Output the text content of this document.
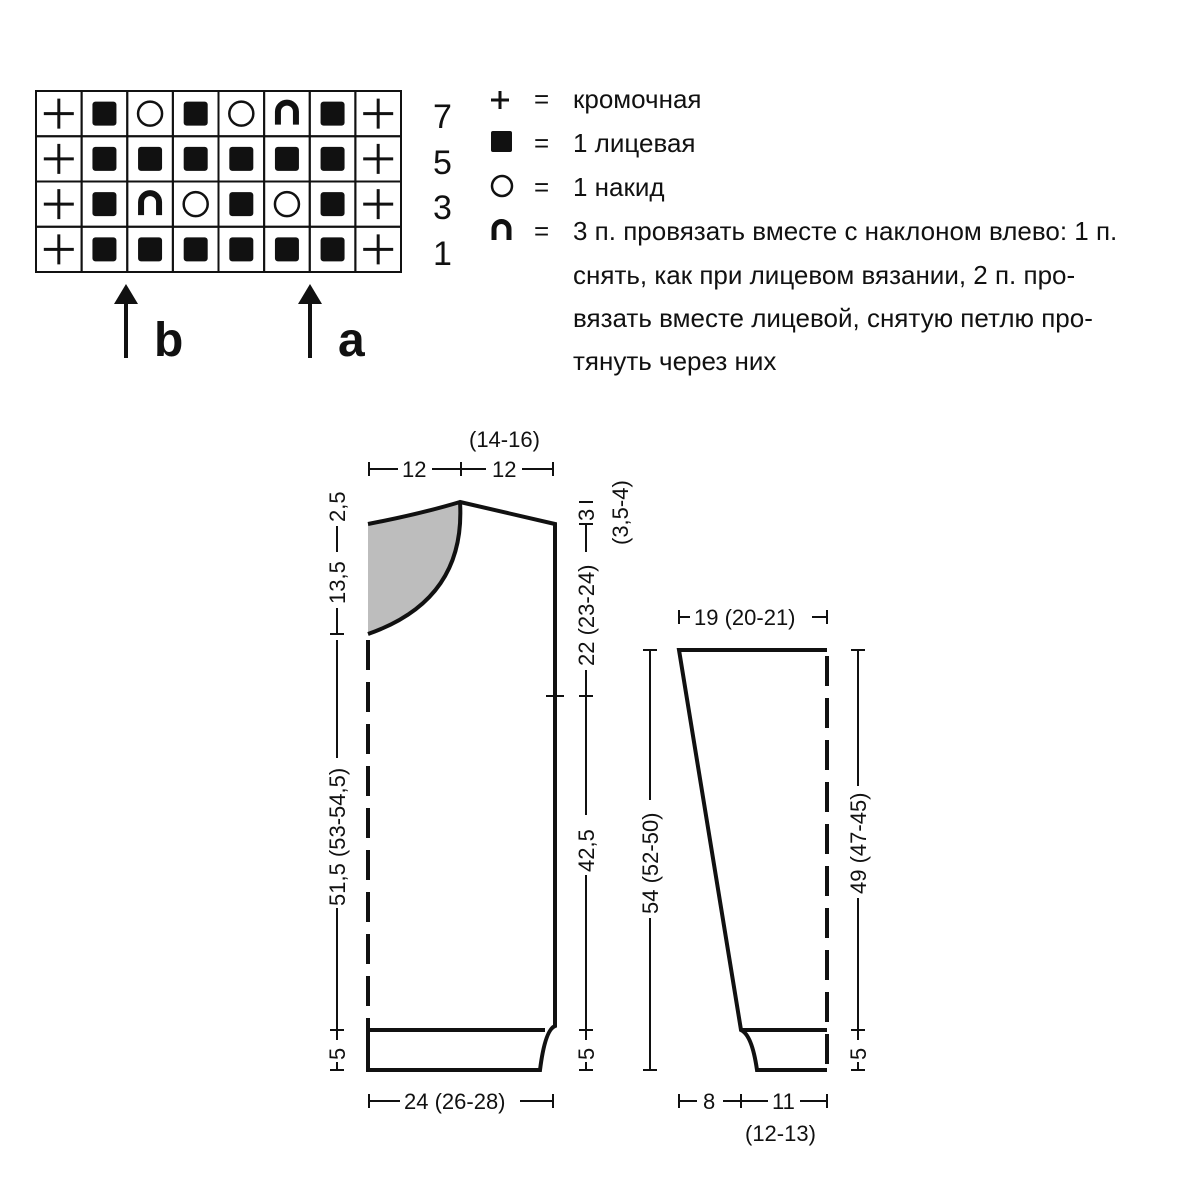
7
5
3
1
b	a
= кромочная
= 1 лицевая
= 1 накид
= 3 п. провязать вместе с наклоном влево: 1 п.
снять, как при лицевом вязании, 2 п. про-
вязать вместе лицевой, снятую петлю про-
тянуть через них
(14-16)
12	12
2,5
13,5
51,5 (53-54,5)
5
24 (26-28)
3 (3,5-4)
22 (23-24)
42,5
5
19 (20-21)
54 (52-50)	49 (47-45)
5
8	11
(12-13)
